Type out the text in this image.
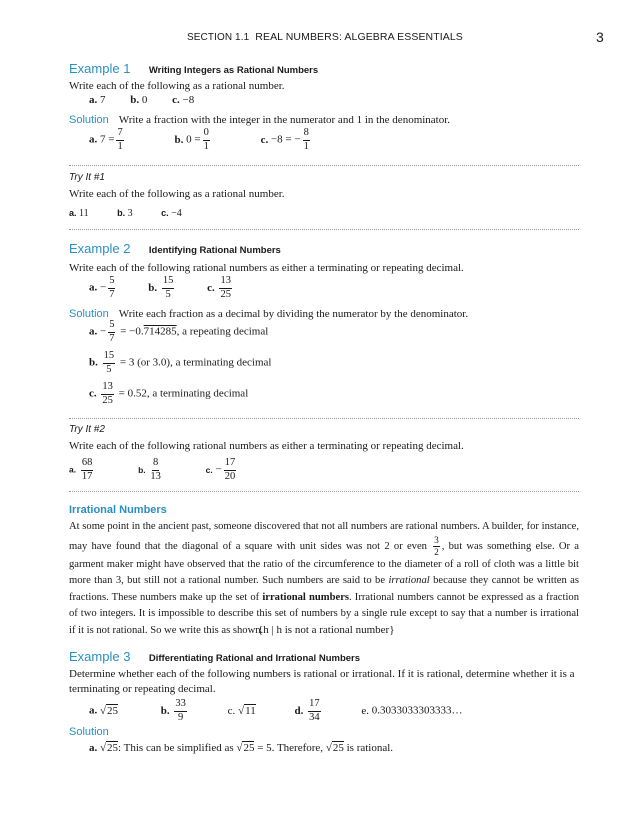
SECTION 1.1 REAL NUMBERS: ALGEBRA ESSENTIALS	3
Example 1 Writing Integers as Rational Numbers
Write each of the following as a rational number.
a. 7 b. 0 c. −8
Solution Write a fraction with the integer in the numerator and 1 in the denominator.
a. $7 = \frac{7}{1}$	b. $0 = \frac{0}{1}$	c. −8 = − $\frac{8}{1}$
Try It #1
Write each of the following as a rational number.
a. 11	b. 3	c. −4
Example 2 Identifying Rational Numbers
Write each of the following rational numbers as either a terminating or repeating decimal.
a. − $\frac{5}{7}$	b. $\frac{15}{5}$	c. $\frac{13}{25}$
Solution Write each fraction as a decimal by dividing the numerator by the denominator.
a. − $\frac{5}{7} = -0.714285$, a repeating decimal
b. $\frac{15}{5} = 3$ (or 3.0), a terminating decimal
c. $\frac{13}{25} = 0.52$, a terminating decimal
Try It #2
Write each of the following rational numbers as either a terminating or repeating decimal.
a. $\frac{68}{17}$	b. $\frac{8}{13}$	c. − $\frac{17}{20}$
Irrational Numbers
At some point in the ancient past, someone discovered that not all numbers are rational numbers. A builder, for instance, may have found that the diagonal of a square with unit sides was not 2 or even $\frac{3}{2}$ , but was something else. Or a garment maker might have observed that the ratio of the circumference to the diameter of a roll of cloth was a little bit more than 3, but still not a rational number. Such numbers are said to be irrational because they cannot be written as fractions. These numbers make up the set of irrational numbers. Irrational numbers cannot be expressed as a fraction of two integers. It is impossible to describe this set of numbers by a single rule except to say that a number is irrational if it is not rational. So we write this as shown.
{h | h is not a rational number}
Example 3 Differentiating Rational and Irrational Numbers
Determine whether each of the following numbers is rational or irrational. If it is rational, determine whether it is a terminating or repeating decimal.
a. √25	b. $\frac{33}{9}$	c. √11	d. $\frac{17}{34}$	e. 0.3033033303333…
Solution
a. √25: This can be simplified as √25 = 5. Therefore, √25 is rational.
